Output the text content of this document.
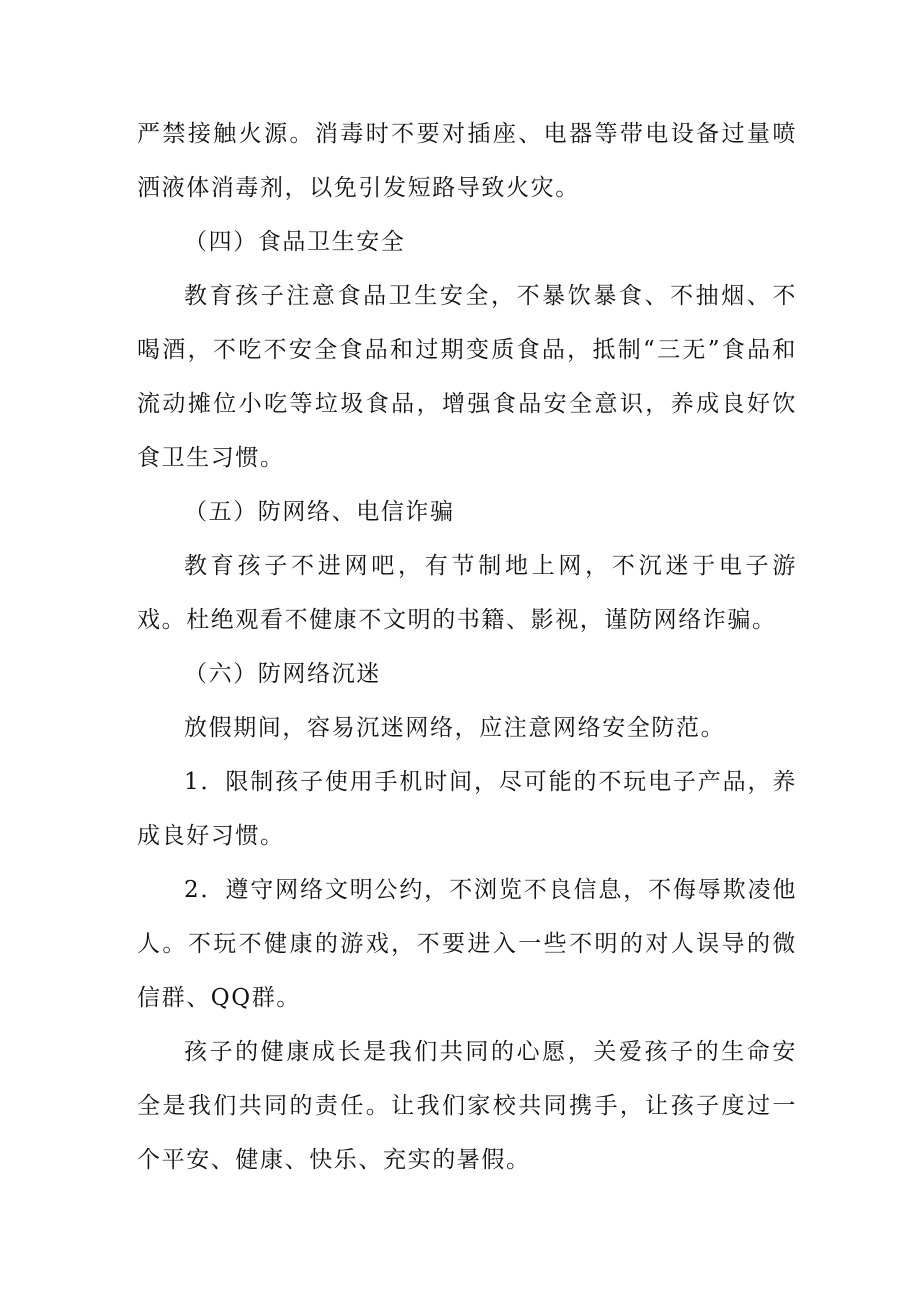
严禁接触火源。消毒时不要对插座、电器等带电设备过量喷洒液体消毒剂，以免引发短路导致火灾。

（四）食品卫生安全

教育孩子注意食品卫生安全，不暴饮暴食、不抽烟、不喝酒，不吃不安全食品和过期变质食品，抵制“三无”食品和流动摊位小吃等垃圾食品，增强食品安全意识，养成良好饮食卫生习惯。

（五）防网络、电信诈骗

教育孩子不进网吧，有节制地上网，不沉迷于电子游戏。杜绝观看不健康不文明的书籍、影视，谨防网络诈骗。

（六）防网络沉迷

放假期间，容易沉迷网络，应注意网络安全防范。

1．限制孩子使用手机时间，尽可能的不玩电子产品，养成良好习惯。

2．遵守网络文明公约，不浏览不良信息，不侮辱欺凌他人。不玩不健康的游戏，不要进入一些不明的对人误导的微信群、QQ群。

孩子的健康成长是我们共同的心愿，关爱孩子的生命安全是我们共同的责任。让我们家校共同携手，让孩子度过一个平安、健康、快乐、充实的暑假。
